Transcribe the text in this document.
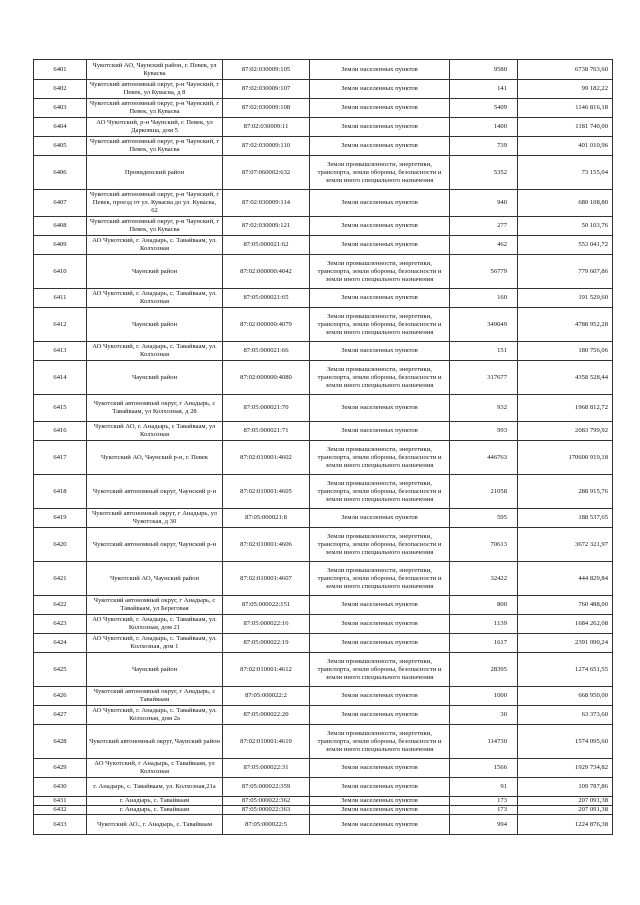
6401	Чукотский АО, Чаунский район, г. Певек, ул Кувасва	87:02:030009:105	Земли населенных пунктов	9580	6738 763,60
6402	Чукотский автономный округ, р-н Чаунский, г Певек, ул Кувасва, д 8	87:02:030009:107	Земли населенных пунктов	141	99 182,22
6403	Чукотский автономный округ, р-н Чаунский, г Певек, ул Кувасва	87:02:030009:108	Земли населенных пунктов	5409	1146 816,18
6404	АО Чукотский, р-н Чаунский, г. Певек, ул Дарковша, дом 5	87:02:030009:11	Земли населенных пунктов	1400	1181 740,00
6405	Чукотский автономный округ, р-н Чаунский, г Певек, ул Кувасва	87:02:030009:110	Земли населенных пунктов	739	401 010,96
6406	Провиденский район	87:07:060002:632	Земли промышленности, энергетики, транспорта, земли обороны, безопасности и земли иного специального назначения	5352	73 155,04
6407	Чукотский автономный округ, р-н Чаунский, г Певек, проезд от ул. Кувасва до ул. Кувасва, 62	87:02:030009:114	Земли населенных пунктов	940	680 108,80
6408	Чукотский автономный округ, р-н Чаунский, г Певек, ул Кувасва	87:02:030009:121	Земли населенных пунктов	277	50 103,76
6409	АО Чукотский, г. Анадырь, с. Тавайваам, ул. Колхозная	87:05:000021:62	Земли населенных пунктов	462	553 041,72
6410	Чаунский район	87:02:000000:4042	Земли промышленности, энергетики, транспорта, земли обороны, безопасности и земли иного специального назначения	56779	779 607,86
6411	АО Чукотский, г. Анадырь, с. Тавайваам, ул. Колхозная	87:05:000021:65	Земли населенных пунктов	160	191 529,60
6412	Чаунский район	87:02:000000:4079	Земли промышленности, энергетики, транспорта, земли обороны, безопасности и земли иного специального назначения	349049	4788 952,28
6413	АО Чукотский, г. Анадырь, с. Тавайваам, ул. Колхозная	87:05:000021:66	Земли населенных пунктов	151	180 756,06
6414	Чаунский район	87:02:000000:4080	Земли промышленности, энергетики, транспорта, земли обороны, безопасности и земли иного специального назначения	317677	4358 528,44
6415	Чукотский автономный округ, г Анадырь, с Тавайваам, ул Колхозная, д 28	87:05:000021:70	Земли населенных пунктов	932	1968 812,72
6416	Чукотский АО, г. Анадырь, с Тавайваам, ул Колхозная	87:05:000021:71	Земли населенных пунктов	993	2083 799,92
6417	Чукотский АО, Чаунский р-н, г. Певек	87:02:010001:4602	Земли промышленности, энергетики, транспорта, земли обороны, безопасности и земли иного специального назначения	446763	170600 919,18
6418	Чукотский автономный округ, Чаунский р-н	87:02:010001:4605	Земли промышленности, энергетики, транспорта, земли обороны, безопасности и земли иного специального назначения	21058	288 915,76
6419	Чукотский автономный округ, г Анадырь, ул Чукотская, д 30	87:05:000021:8	Земли населенных пунктов	595	188 537,65
6420	Чукотский автономный округ, Чаунский р-н	87:02:010001:4606	Земли промышленности, энергетики, транспорта, земли обороны, безопасности и земли иного специального назначения	70613	3672 321,97
6421	Чукотский АО, Чаунский район	87:02:010001:4607	Земли промышленности, энергетики, транспорта, земли обороны, безопасности и земли иного специального назначения	32422	444 829,84
6422	Чукотский автономный округ, г Анадырь, с Тавайваам, ул Береговая	87:05:000022:151	Земли населенных пунктов	800	760 488,00
6423	АО Чукотский, г. Анадырь, с. Тавайваам, ул. Колхозная, дом 21	87:05:000022:16	Земли населенных пунктов	1139	1684 262,08
6424	АО Чукотский, г. Анадырь, с. Тавайваам, ул. Колхозная, дом 1	87:05:000022:19	Земли населенных пунктов	1617	2391 090,24
6425	Чаунский район	87:02:010001:4612	Земли промышленности, энергетики, транспорта, земли обороны, безопасности и земли иного специального назначения	28395	1274 651,55
6426	Чукотский автономный округ, г Анадырь, с Тавайваам	87:05:000022:2	Земли населенных пунктов	1000	668 950,00
6427	АО Чукотский, г. Анадырь, с. Тавайваам, ул. Колхозная, дом 2а	87:05:000022:20	Земли населенных пунктов	30	63 373,60
6428	Чукотский автономный округ, Чаунский район	87:02:010001:4619	Земли промышленности, энергетики, транспорта, земли обороны, безопасности и земли иного специального назначения	114730	1574 095,60
6429	АО Чукотский, г Анадырь, с Тавайваам, ул Колхозная	87:05:000022:31	Земли населенных пунктов	1566	1929 734,82
6430	г. Анадырь, с. Тавайваам, ул. Колхозная,21а	87:05:000022:359	Земли населенных пунктов	91	109 787,86
6431	г. Анадырь, с. Тавайваам	87:05:000022:362	Земли населенных пунктов	173	207 091,38
6432	г. Анадырь, с. Тавайваам	87:05:000022:363	Земли населенных пунктов	173	207 091,38
6433	Чукотский АО., г. Анадырь, с. Тавайваам	87:05:000022:5	Земли населенных пунктов	994	1224 876,38
